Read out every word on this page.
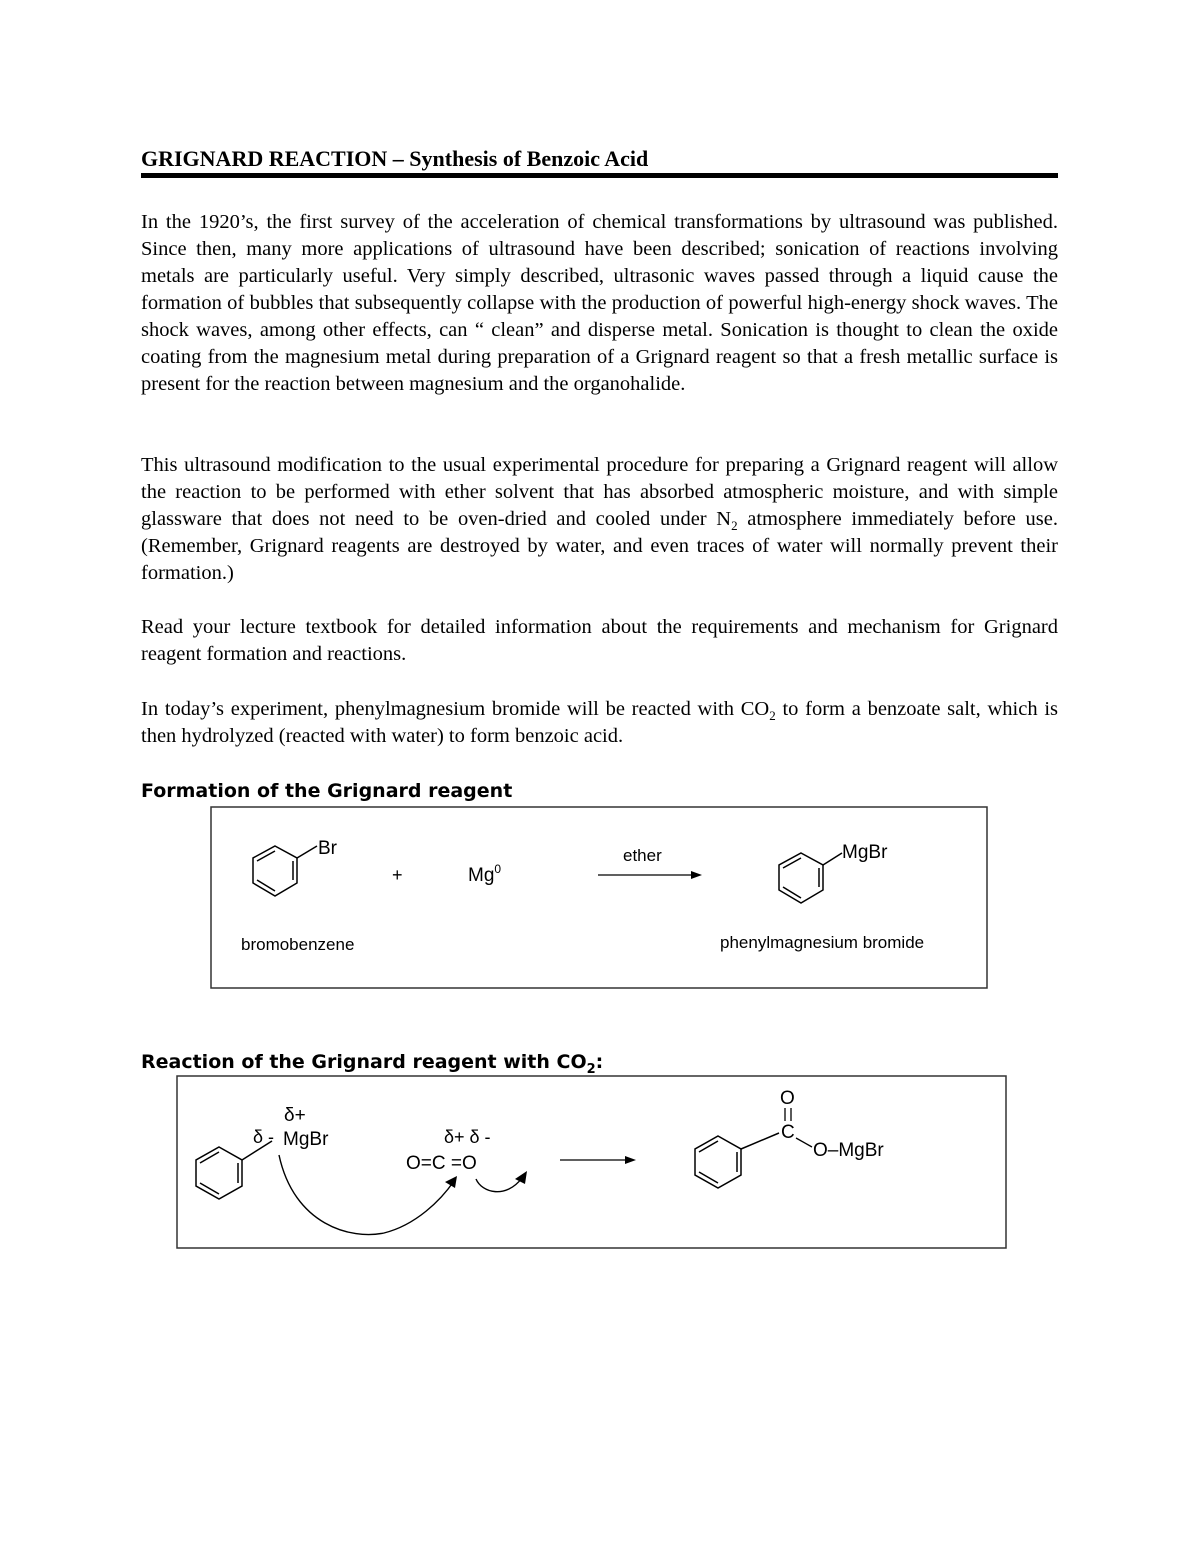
GRIGNARD REACTION – Synthesis of Benzoic Acid

In the 1920’s, the first survey of the acceleration of chemical transformations by ultrasound was published. Since then, many more applications of ultrasound have been described; sonication of reactions involving metals are particularly useful. Very simply described, ultrasonic waves passed through a liquid cause the formation of bubbles that subsequently collapse with the production of powerful high-energy shock waves. The shock waves, among other effects, can “ clean” and disperse metal. Sonication is thought to clean the oxide coating from the magnesium metal during preparation of a Grignard reagent so that a fresh metallic surface is present for the reaction between magnesium and the organohalide.

This ultrasound modification to the usual experimental procedure for preparing a Grignard reagent will allow the reaction to be performed with ether solvent that has absorbed atmospheric moisture, and with simple glassware that does not need to be oven-dried and cooled under $N_2$ atmosphere immediately before use. (Remember, Grignard reagents are destroyed by water, and even traces of water will normally prevent their formation.)

Read your lecture textbook for detailed information about the requirements and mechanism for Grignard reagent formation and reactions.

In today’s experiment, phenylmagnesium bromide will be reacted with $CO_2$ to form a benzoate salt, which is then hydrolyzed (reacted with water) to form benzoic acid.

Formation of the Grignard reagent
Br
+	$Mg^0$
ether	MgBr
bromobenzene	phenylmagnesium bromide
Reaction of the Grignard reagent with $CO_2$:
δ+
δ - MgBr	δ+ δ -
O=C =O
O
C
O–MgBr
